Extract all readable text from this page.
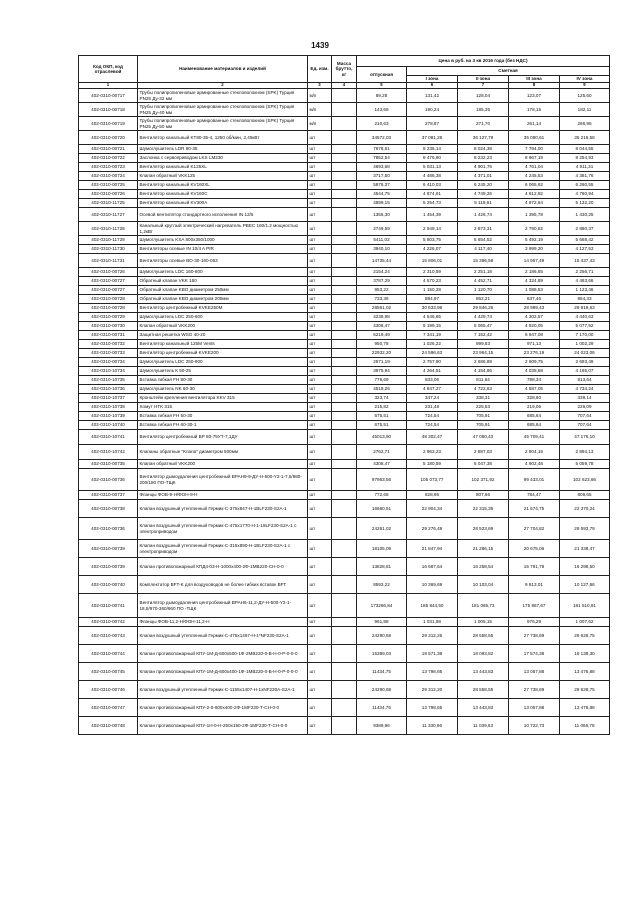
1439
Код ОКП, код отраслевой	Наименование материалов и изделий	Ед. изм.	Масса брутто, кг	Цена в руб. на 3 кв 2016 года (без НДС)				
				отпускная	Сметная			
					I зона	II зона	III зона	IV зона
1	2	3	4	5	6	7	8	9
402-0310-00717	Трубы полипропиленовые армированные стекловолокном (SPK) Турция PN25 Ду-32 мм	м/п		89,28	131,42	128,04	123,07	125,60
402-0310-00718	Трубы полипропиленовые армированные стекловолокном (SPK) Турция PN25 Ду-40 мм	м/п		143,69	190,24	185,35	178,15	182,11
402-0310-00719	Трубы полипропиленовые армированные стекловолокном (SPK) Турция PN25 Ду-50 мм	м/п		210,63	278,87	271,70	261,14	266,95
402-0310-00720	Вентилятор канальный KT80-35-4, 1250 об/мин, 2,45кВт	шт		34572,03	37 081,28	36 127,78	35 090,61	35 216,58
402-0310-00721	Шумоглушитель LDR 90-35	шт		7678,61	8 236,14	8 024,38	7 794,00	8 044,55
402-0310-00722	Заслонка с сервоприводом LKS LM230	шт		7852,54	8 476,90	8 232,23	8 967,19	8 254,93
402-0310-00723	Вентилятор канальный K125XL	шт		4693,68	5 031,13	4 901,76	4 761,04	4 911,31
402-0310-00724	Клапан обратный VKK125	шт		3717,50	4 486,38	4 371,01	4 245,53	4 381,76
402-0310-00725	Вентилятор канальный KV160XL	шт		5976,37	6 410,03	6 245,20	6 065,92	6 260,55
402-0310-00726	Вентилятор канальный KV160С	шт		4544,75	4 874,61	4 749,26	4 612,92	4 760,94
402-0310-11725	Вентилятор канальный KV300A	шт		4899,15	5 254,73	5 119,61	4 972,64	5 132,20
402-0310-11727	Осевой вентилятор стандартного исполнения IN 12/5	шт		1355,30	1 454,39	1 426,74	1 395,78	1 430,25
402-0310-11728	Канальный круглый электрический нагреватель PBEC 160/1.2 мощностью 1,2кВт	шт		2749,59	2 949,14	2 873,31	2 790,82	2 880,37
402-0310-11729	Шумоглушитель KSA 800x350/1000	шт		5411,02	5 803,75	5 654,52	5 492,19	5 668,42
402-0310-11730	Вентиляторы осевые IN 10/4 A PIR	шт		3940,10	4 226,07	4 117,40	3 999,20	4 127,53
402-0310-11731	Вентиляторы осевые ВО-30-160-063	шт		14735,44	15 806,01	15 396,58	14 957,49	15 437,43
402-0310-00726	Шумоглушитель LDC 160-600	шт		2154,24	2 310,59	2 251,18	2 186,55	2 256,71
402-0310-00727	Обратный клапан VKK 160	шт		3787,29	4 570,23	4 452,71	4 324,89	4 463,66
402-0310-00727	Обратный клапан KBO диаметром 250мм	шт		953,22	1 150,28	1 120,70	1 088,53	1 123,46
402-0310-00728	Обратный клапан KBO диаметром 200мм	шт		733,36	884,97	862,21	837,46	864,33
402-0310-00728	Вентилятор центробежный KVKE250M	шт		28561,02	30 633,98	29 846,26	28 989,43	29 919,63
402-0310-00729	Шумоглушитель LDC 250-600	шт		4238,98	4 546,65	4 429,74	4 302,57	4 440,63
402-0310-00730	Клапан обратный VKK200	шт		4308,47	5 199,15	5 065,47	4 920,05	5 077,92
402-0310-00731	Защитная решетка WSG 40-20	шт		6219,49	7 341,19	7 152,42	6 947,08	7 170,00
402-0310-00732	Вентилятор канальный 125M Vents	шт		950,78	1 026,22	999,83	971,13	1 002,29
402-0310-00733	Вентилятор центробежный KVKE200	шт		22932,20	24 596,63	23 964,15	23 276,19	24 023,06
402-0310-00734	Шумоглушитель LDC 250-900	шт		2571,19	2 757,80	2 686,89	2 609,75	2 693,49
402-0310-10734	Шумоглушитель К 50-25	шт		3975,94	4 264,51	4 154,86	4 035,58	4 165,07
402-0310-10735	Вставка гибкая FH 80-30	шт		776,69	833,06	811,64	788,34	813,64
402-0310-10736	Шумоглушитель NK 60-30	шт		4519,26	4 847,27	4 722,63	4 587,05	4 734,24
402-0310-10737	Кронштейн крепления вентилятора KKV 315	шт		323,74	347,24	338,31	328,60	339,14
402-0310-10738	Хомут HTK 315	шт		215,82	231,48	225,53	219,06	226,09
402-0310-10739	Вставка гибкая FH 50-30	шт		675,51	724,54	705,91	685,64	707,64
402-0310-10740	Вставка гибкая FH 60-30-1	шт		675,51	724,54	705,91	685,64	707,64
402-0310-10741	Вентилятор центробежный ВР 80-75УТ-7,1ДУ	шт		45013,90	48 302,47	47 060,43	45 709,41	47 176,10
402-0310-10742	Клапаны обратные "Клапа" диаметром 500мм	шт		2762,71	2 963,23	2 887,03	2 804,15	2 894,13
402-0310-00735	Клапан обратный VKK200	шт		4308,47	5 180,59	5 047,38	4 902,48	5 059,78
402-0310-00736	Вентилятор дымоудаления центробежный ВРАН9-9-ДУ-Н-500-Y2-1-7,5/980-200/180 ПО-ТЩК	шт		97963,56	105 073,77	102 371,92	99 433,01	102 623,66
402-0310-00737	Фланцы ФОВ-9-Н/ФОН-9-Н	шт		772,68	828,95	807,66	784,47	809,65
402-0310-00738	Клапан воздушный утепленный Гермик-С-375x847-Н-1BLF230-S2A-1	шт		16660,51	22 904,34	22 315,35	21 674,75	22 370,24
402-0310-00736	Клапан воздушный утепленный Гермик-С-475x1770-Н-1-18LF230-S2A-1 с электроприводом	шт		24261,02	29 276,49	28 523,69	27 704,82	28 593,79
402-0310-00739	Клапан воздушный утепленный Гермик-С-315x890-Н-1BLF230-S2A-1 с электроприводом	шт		18105,09	21 847,94	21 286,15	20 675,06	21 338,47
402-0310-00739	Клапан противопожарный КПД4-03-Н-1000x400-2Ф-1MB220-СН-0-0	шт		13828,81	16 687,64	16 258,54	15 791,78	16 298,50
402-0310-00740	Комплектатор BFT-K для воздуховодов не более гибких вставок BFT	шт		8593,22	10 369,69	10 103,04	9 813,01	10 127,86
402-0310-00741	Вентилятор дымоудаления центробежный ВРАН6-11,2-ДУ-Н-500-Y2-1-18,5/970-360/660 ПО -ТЩК	шт		173266,84	185 844,50	181 065,73	175 867,67	181 510,91
402-0310-00742	Фланцы ФОВ-11,2-Н/ФОН-11,2-Н	шт		961,88	1 031,68	1 005,15	976,29	1 007,62
402-0310-00743	Клапан воздушный утепленный Гермик-С-475x1467-Н-1*NF230-S2A-1	шт		24290,68	29 312,26	28 558,55	27 738,69	28 628,75
402-0310-00744	Клапан противопожарный КПУ-1М-Д-600x500-1Ф-2MB220-0-В-Н-0-Р-0-0-0	шт		15389,03	18 571,38	18 093,82	17 574,38	18 138,30
402-0310-00745	Клапан противопожарный КПУ-1М-Д-600x400-1Ф-1MB220-0-В-Н-0-Р-0-0-0	шт		11434,75	13 798,65	13 443,83	13 057,88	13 476,88
402-0310-00746	Клапан воздушный утепленный Гермик-С-1155x1407-Н-1xNF230A-S2A-1	шт		24290,68	29 312,20	28 558,55	27 738,69	28 628,75
402-0310-00747	Клапан противопожарный КПУ-2-0-600x400-2Ф-1MF230-Т-СН-0-0	шт		11434,75	13 798,65	13 443,83	13 057,88	13 476,88
402-0310-00748	Клапан противопожарный КПУ-1Н-0-Н-250x150-2Ф-1MF230-Т-СН-0-0	шт		9389,96	11 330,96	11 039,63	10 722,73	11 066,78
